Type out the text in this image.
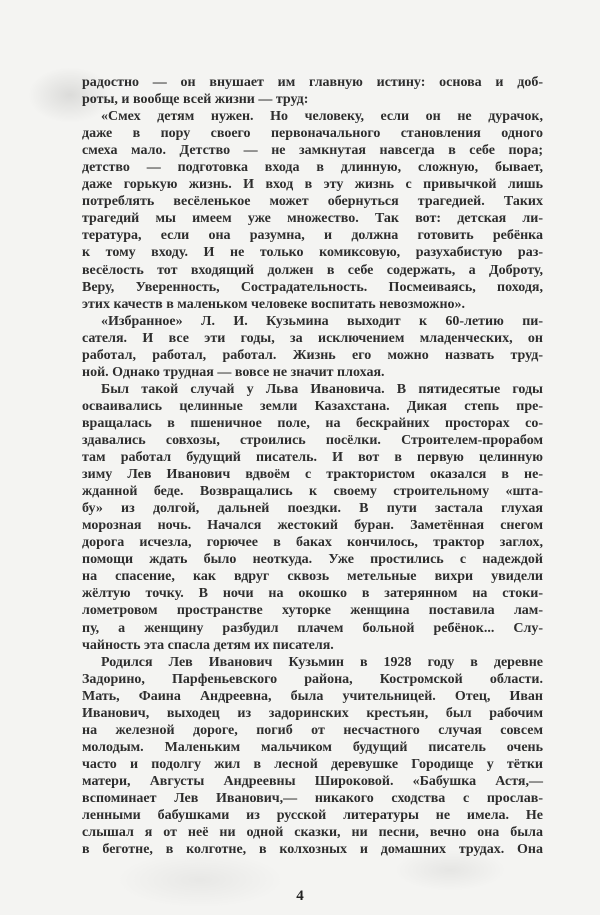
радостно — он внушает им главную истину: основа и доб-
роты, и вообще всей жизни — труд:
«Смех детям нужен. Но человеку, если он не дурачок,
даже в пору своего первоначального становления одного
смеха мало. Детство — не замкнутая навсегда в себе пора;
детство — подготовка входа в длинную, сложную, бывает,
даже горькую жизнь. И вход в эту жизнь с привычкой лишь
потреблять весёленькое может обернуться трагедией. Таких
трагедий мы имеем уже множество. Так вот: детская ли-
тература, если она разумна, и должна готовить ребёнка
к тому входу. И не только комиксовую, разухабистую раз-
весёлость тот входящий должен в себе содержать, а Доброту,
Веру, Уверенность, Сострадательность. Посмеиваясь, походя,
этих качеств в маленьком человеке воспитать невозможно».
«Избранное» Л. И. Кузьмина выходит к 60-летию пи-
сателя. И все эти годы, за исключением младенческих, он
работал, работал, работал. Жизнь его можно назвать труд-
ной. Однако трудная — вовсе не значит плохая.
Был такой случай у Льва Ивановича. В пятидесятые годы
осваивались целинные земли Казахстана. Дикая степь пре-
вращалась в пшеничное поле, на бескрайних просторах со-
здавались совхозы, строились посёлки. Строителем-прорабом
там работал будущий писатель. И вот в первую целинную
зиму Лев Иванович вдвоём с трактористом оказался в не-
жданной беде. Возвращались к своему строительному «шта-
бу» из долгой, дальней поездки. В пути застала глухая
морозная ночь. Начался жестокий буран. Заметённая снегом
дорога исчезла, горючее в баках кончилось, трактор заглох,
помощи ждать было неоткуда. Уже простились с надеждой
на спасение, как вдруг сквозь метельные вихри увидели
жёлтую точку. В ночи на окошко в затерянном на стоки-
лометровом пространстве хуторке женщина поставила лам-
пу, а женщину разбудил плачем больной ребёнок... Слу-
чайность эта спасла детям их писателя.
Родился Лев Иванович Кузьмин в 1928 году в деревне
Задорино, Парфеньевского района, Костромской области.
Мать, Фаина Андреевна, была учительницей. Отец, Иван
Иванович, выходец из задоринских крестьян, был рабочим
на железной дороге, погиб от несчастного случая совсем
молодым. Маленьким мальчиком будущий писатель очень
часто и подолгу жил в лесной деревушке Городище у тётки
матери, Августы Андреевны Широковой. «Бабушка Астя,—
вспоминает Лев Иванович,— никакого сходства с прослав-
ленными бабушками из русской литературы не имела. Не
слышал я от неё ни одной сказки, ни песни, вечно она была
в беготне, в колготне, в колхозных и домашних трудах. Она
4
